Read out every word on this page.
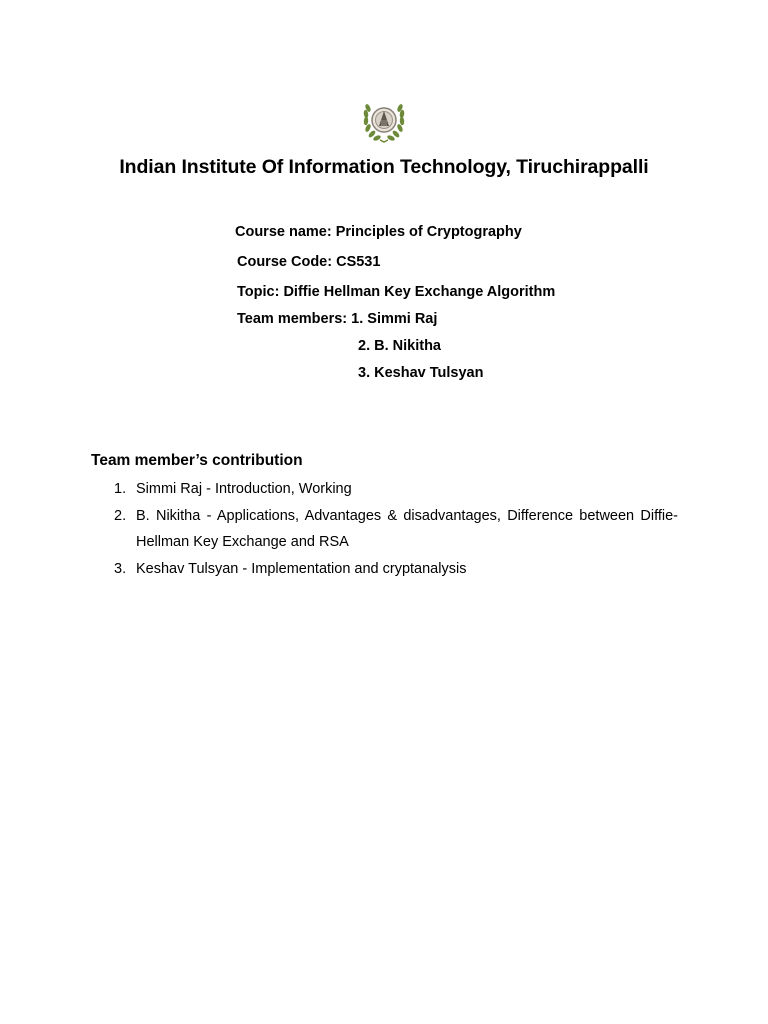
Indian Institute Of Information Technology, Tiruchirappalli
Course name: Principles of Cryptography
Course Code: CS531
Topic: Diffie Hellman Key Exchange Algorithm
Team members: 1. Simmi Raj
2. B. Nikitha
3. Keshav Tulsyan
Team member’s contribution
1. Simmi Raj - Introduction, Working
2. B. Nikitha - Applications, Advantages & disadvantages, Difference between Diffie-Hellman Key Exchange and RSA
3. Keshav Tulsyan - Implementation and cryptanalysis
